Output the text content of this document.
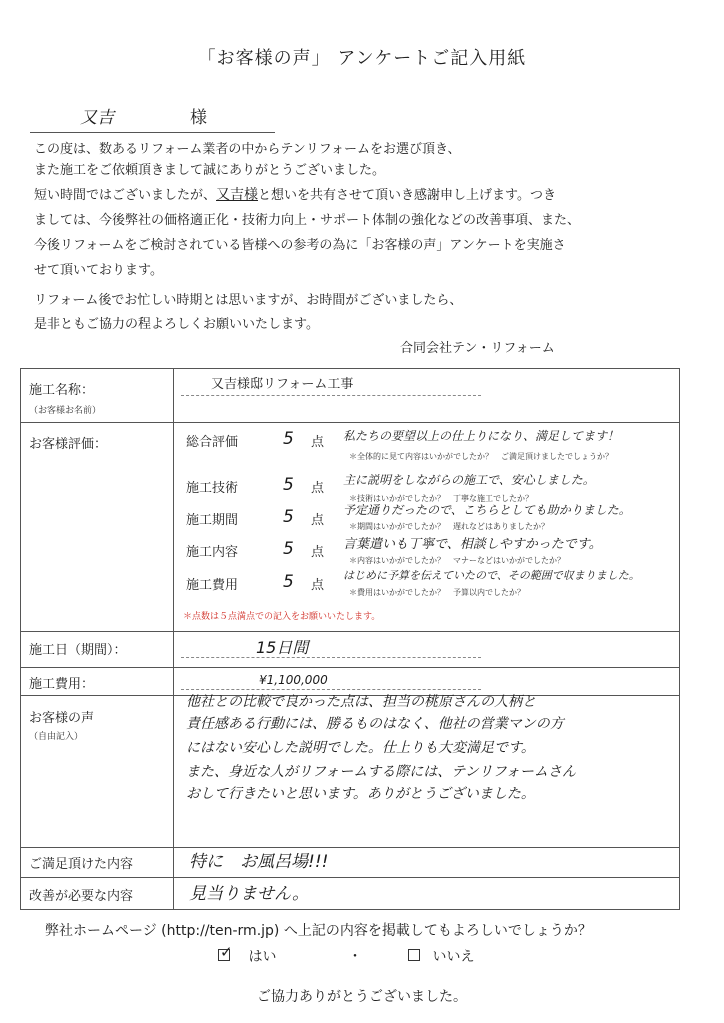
「お客様の声」 アンケートご記入用紙
又吉	様
この度は、数あるリフォーム業者の中からテンリフォームをお選び頂き、
また施工をご依頼頂きまして誠にありがとうございました。
短い時間ではございましたが、又吉様と想いを共有させて頂いき感謝申し上げます。つき
ましては、今後弊社の価格適正化・技術力向上・サポート体制の強化などの改善事項、また、
今後リフォームをご検討されている皆様への参考の為に「お客様の声」アンケートを実施さ
せて頂いております。
リフォーム後でお忙しい時期とは思いますが、お時間がございましたら、
是非ともご協力の程よろしくお願いいたします。
合同会社テン・リフォーム
施工名称：
（お客様お名前）
又吉様邸リフォーム工事
お客様評価：	総合評価	5 点 私たちの要望以上の仕上りになり、満足してます！
＊全体的に見て内容はいかがでしたか？　ご満足頂けましたでしょうか？
施工技術	5 点
主に説明をしながらの施工で、安心しました。
＊技術はいかがでしたか？　丁寧な施工でしたか？
施工期間	5 点
予定通りだったので、こちらとしても助かりました。
＊期間はいかがでしたか？　遅れなどはありましたか？
施工内容	5 点
言葉遣いも丁寧で、相談しやすかったです。
＊内容はいかがでしたか？　マナーなどはいかがでしたか？
施工費用	5 点
はじめに予算を伝えていたので、その範囲で収まりました。
＊費用はいかがでしたか？　予算以内でしたか？
＊点数は５点満点での記入をお願いいたします。
施工日（期間）：	15日間
施工費用：	¥1,100,000
お客様の声
（自由記入）
他社との比較で良かった点は、担当の桃原さんの人柄と
責任感ある行動には、勝るものはなく、他社の営業マンの方
にはない安心した説明でした。仕上りも大変満足です。
また、身近な人がリフォームする際には、テンリフォームさん
おして行きたいと思います。ありがとうございました。
ご満足頂けた内容	特に　お風呂場!!!
改善が必要な内容	見当りません。
弊社ホームページ (http://ten-rm.jp) へ上記の内容を掲載してもよろしいでしょうか？
✓ はい	・	いいえ
ご協力ありがとうございました。
